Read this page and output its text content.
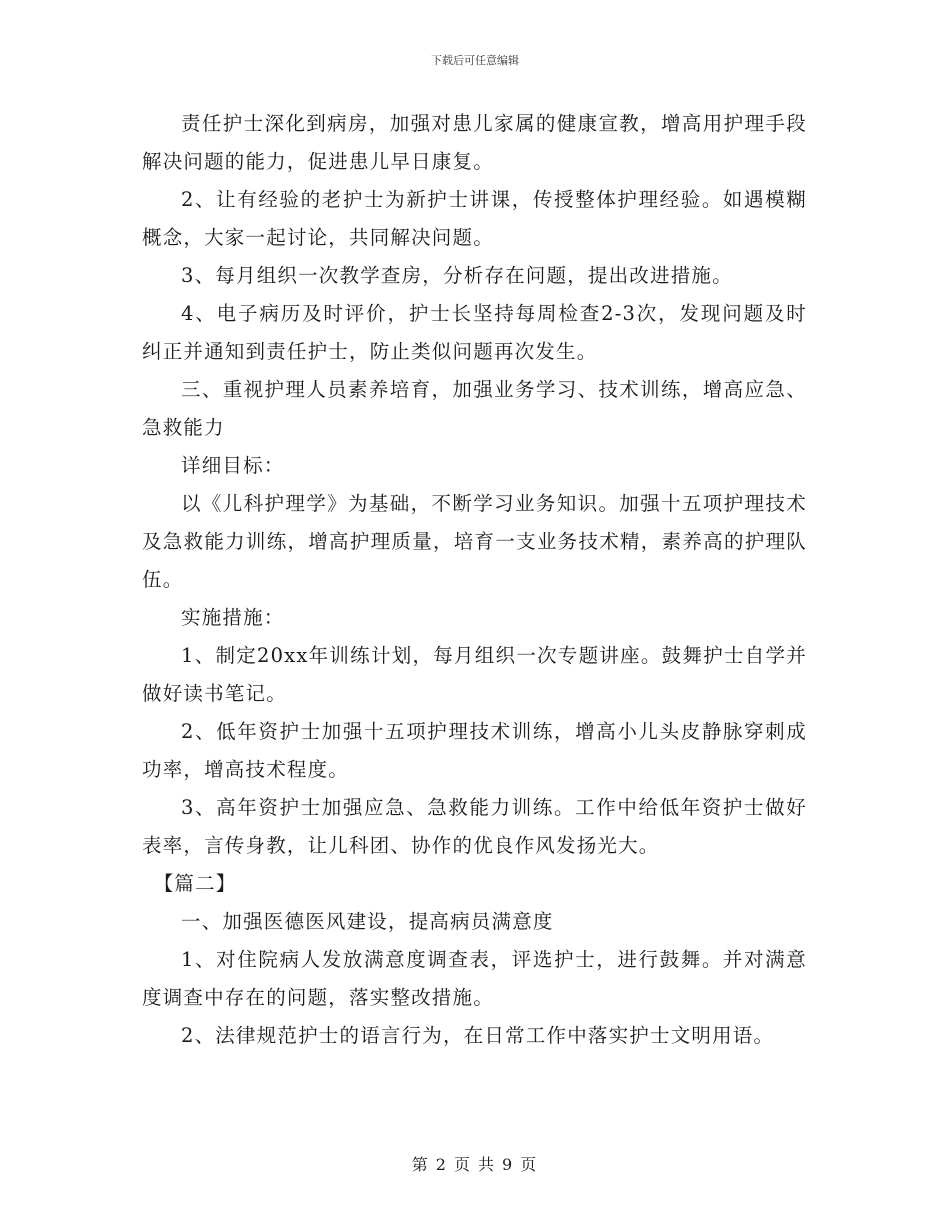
下载后可任意编辑

责任护士深化到病房，加强对患儿家属的健康宣教，增高用护理手段解决问题的能力，促进患儿早日康复。

2、让有经验的老护士为新护士讲课，传授整体护理经验。如遇模糊概念，大家一起讨论，共同解决问题。

3、每月组织一次教学查房，分析存在问题，提出改进措施。

4、电子病历及时评价，护士长坚持每周检查2-3次，发现问题及时纠正并通知到责任护士，防止类似问题再次发生。

三、重视护理人员素养培育，加强业务学习、技术训练，增高应急、急救能力

详细目标：

以《儿科护理学》为基础，不断学习业务知识。加强十五项护理技术及急救能力训练，增高护理质量，培育一支业务技术精，素养高的护理队伍。

实施措施：

1、制定20xx年训练计划，每月组织一次专题讲座。鼓舞护士自学并做好读书笔记。

2、低年资护士加强十五项护理技术训练，增高小儿头皮静脉穿刺成功率，增高技术程度。

3、高年资护士加强应急、急救能力训练。工作中给低年资护士做好表率，言传身教，让儿科团、协作的优良作风发扬光大。

【篇二】

一、加强医德医风建设，提高病员满意度

1、对住院病人发放满意度调查表，评选护士，进行鼓舞。并对满意度调查中存在的问题，落实整改措施。

2、法律规范护士的语言行为，在日常工作中落实护士文明用语。

第 2 页 共 9 页
